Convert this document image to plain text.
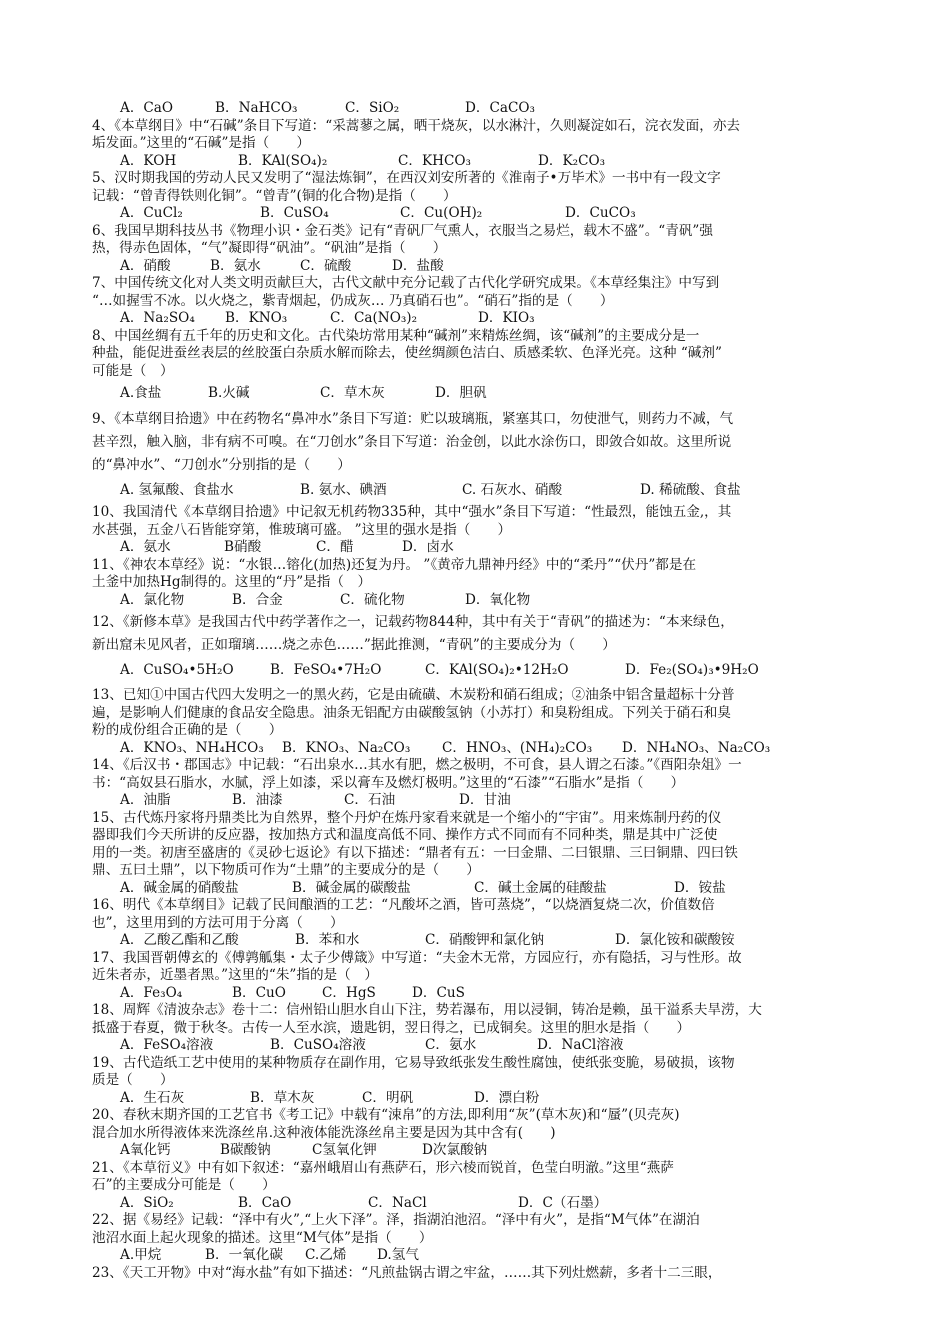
A．CaO	B．NaHCO₃	C．SiO₂	D．CaCO₃
4、《本草纲目》中“石碱”条目下写道：“采蒿蓼之属，晒干烧灰，以水淋汁，久则凝淀如石，浣衣发面，亦去
垢发面。”这里的“石碱”是指（　　）
A．KOH	B．KAl(SO₄)₂	C．KHCO₃	D．K₂CO₃
5、汉时期我国的劳动人民又发明了“湿法炼铜”，在西汉刘安所著的《淮南子•万毕术》一书中有一段文字
记载：“曾青得铁则化铜”。“曾青”(铜的化合物)是指（　　）
A．CuCl₂	B．CuSO₄	C．Cu(OH)₂	D．CuCO₃
6、我国早期科技丛书《物理小识・金石类》记有“青矾厂气熏人，衣服当之易烂，载木不盛”。“青矾”强
热，得赤色固体，“气”凝即得“矾油”。“矾油”是指（　　）
A．硝酸	B．氨水	C．硫酸	D．盐酸
7、中国传统文化对人类文明贡献巨大，古代文献中充分记载了古代化学研究成果。《本草经集注》中写到
“…如握雪不冰。以火烧之，紫青烟起，仍成灰… 乃真硝石也”。“硝石”指的是（　　）
A．Na₂SO₄	B．KNO₃	C．Ca(NO₃)₂	D．KIO₃
8、中国丝绸有五千年的历史和文化。古代染坊常用某种“碱剂”来精炼丝绸，该“碱剂”的主要成分是一
种盐，能促进蚕丝表层的丝胶蛋白杂质水解而除去，使丝绸颜色洁白、质感柔软、色泽光亮。这种 “碱剂”
可能是（　）
A.食盐	B.火碱	C．草木灰	D．胆矾
9、《本草纲目拾遗》中在药物名“鼻冲水”条目下写道：贮以玻璃瓶，紧塞其口，勿使泄气，则药力不减，气
甚辛烈，触入脑，非有病不可嗅。在“刀创水”条目下写道：治金创，以此水涂伤口，即敛合如故。这里所说
的“鼻冲水”、“刀创水”分别指的是（　　）
A. 氢氟酸、食盐水	B. 氨水、碘酒	C. 石灰水、硝酸	D. 稀硫酸、食盐
10、我国清代《本草纲目拾遗》中记叙无机药物335种，其中“强水”条目下写道：“性最烈，能蚀五金,，其
水甚强，五金八石皆能穿第，惟玻璃可盛。 ”这里的强水是指（　　）
A．氨水	B硝酸	C．醋	D．卤水
11、《神农本草经》说：“水银…镕化(加热)还复为丹。 ”《黄帝九鼎神丹经》中的“柔丹”“伏丹”都是在
土釜中加热Hg制得的。这里的“丹”是指（　）
A．氯化物	B．合金	C．硫化物	D．氧化物
12、《新修本草》是我国古代中药学著作之一，记载药物844种，其中有关于“青矾”的描述为：“本来绿色，
新出窟未见风者，正如瑠璃……烧之赤色……”据此推测，“青矾”的主要成分为（　　）
A．CuSO₄•5H₂O	B．FeSO₄•7H₂O	C．KAl(SO₄)₂•12H₂O	D．Fe₂(SO₄)₃•9H₂O
13、已知①中国古代四大发明之一的黑火药，它是由硫磺、木炭粉和硝石组成；②油条中铝含量超标十分普
遍，是影响人们健康的食品安全隐患。油条无铝配方由碳酸氢钠（小苏打）和臭粉组成。下列关于硝石和臭
粉的成份组合正确的是（　　）
A．KNO₃、NH₄HCO₃	B．KNO₃、Na₂CO₃	C．HNO₃、(NH₄)₂CO₃	D．NH₄NO₃、Na₂CO₃
14、《后汉书・郡国志》中记载：“石出泉水…其水有肥，燃之极明，不可食，县人谓之石漆。”《酉阳杂俎》一
书：“高奴县石脂水，水腻，浮上如漆，采以膏车及燃灯极明。”这里的“石漆”“石脂水”是指（　　）
A．油脂	B．油漆	C．石油	D．甘油
15、古代炼丹家将丹鼎类比为自然界，整个丹炉在炼丹家看来就是一个缩小的“宇宙”。用来炼制丹药的仪
器即我们今天所讲的反应器，按加热方式和温度高低不同、操作方式不同而有不同种类，鼎是其中广泛使
用的一类。初唐至盛唐的《灵砂七返论》有以下描述：“鼎者有五：一曰金鼎、二曰银鼎、三曰铜鼎、四曰铁
鼎、五曰土鼎”，以下物质可作为“土鼎”的主要成分的是（　　）
A．碱金属的硝酸盐	B．碱金属的碳酸盐	C．碱土金属的硅酸盐	D．铵盐
16、明代《本草纲目》记载了民间酿酒的工艺：“凡酸坏之酒，皆可蒸烧”，“以烧酒复烧二次，价值数倍
也”，这里用到的方法可用于分离（　　）
A．乙酸乙酯和乙酸	B．苯和水	C．硝酸钾和氯化钠	D．氯化铵和碳酸铵
17、我国晋朝傅玄的《傅鹑觚集・太子少傅箴》中写道：“夫金木无常，方园应行，亦有隐括，习与性形。故
近朱者赤，近墨者黑。”这里的“朱”指的是（　）
A．Fe₃O₄	B．CuO	C．HgS	D．CuS
18、周辉《清波杂志》卷十二：信州铅山胆水自山下注，势若瀑布，用以浸铜，铸冶是赖，虽干溢系夫旱涝，大
抵盛于春夏，微于秋冬。古传一人至水滨，遗匙钥，翌日得之，已成铜矣。这里的胆水是指（　　）
A．FeSO₄溶液	B．CuSO₄溶液	C．氨水	D．NaCl溶液
19、古代造纸工艺中使用的某种物质存在副作用，它易导致纸张发生酸性腐蚀，使纸张变脆，易破损，该物
质是（　　）
A．生石灰	B．草木灰	C．明矾	D．漂白粉
20、春秋末期齐国的工艺官书《考工记》中载有“涑帛”的方法,即利用“灰”(草木灰)和“蜃”(贝壳灰)
混合加水所得液体来洗涤丝帛.这种液体能洗涤丝帛主要是因为其中含有(　　)
A氧化钙	B碳酸钠	C氢氧化钾	D次氯酸钠
21、《本草衍义》中有如下叙述：“嘉州峨眉山有燕萨石，形六棱而锐首，色莹白明澈。”这里“燕萨
石”的主要成分可能是（　　）
A．SiO₂	B．CaO	C．NaCl	D．C（石墨）
22、据《易经》记载：“泽中有火”,“上火下泽”。泽，指湖泊池沼。“泽中有火”，是指“M气体”在湖泊
池沼水面上起火现象的描述。这里“M气体”是指（　　）
A.甲烷	B．一氧化碳	C.乙烯	D.氢气
23、《天工开物》中对“海水盐”有如下描述：“凡煎盐锅古谓之牢盆，……其下列灶燃薪，多者十二三眼，
